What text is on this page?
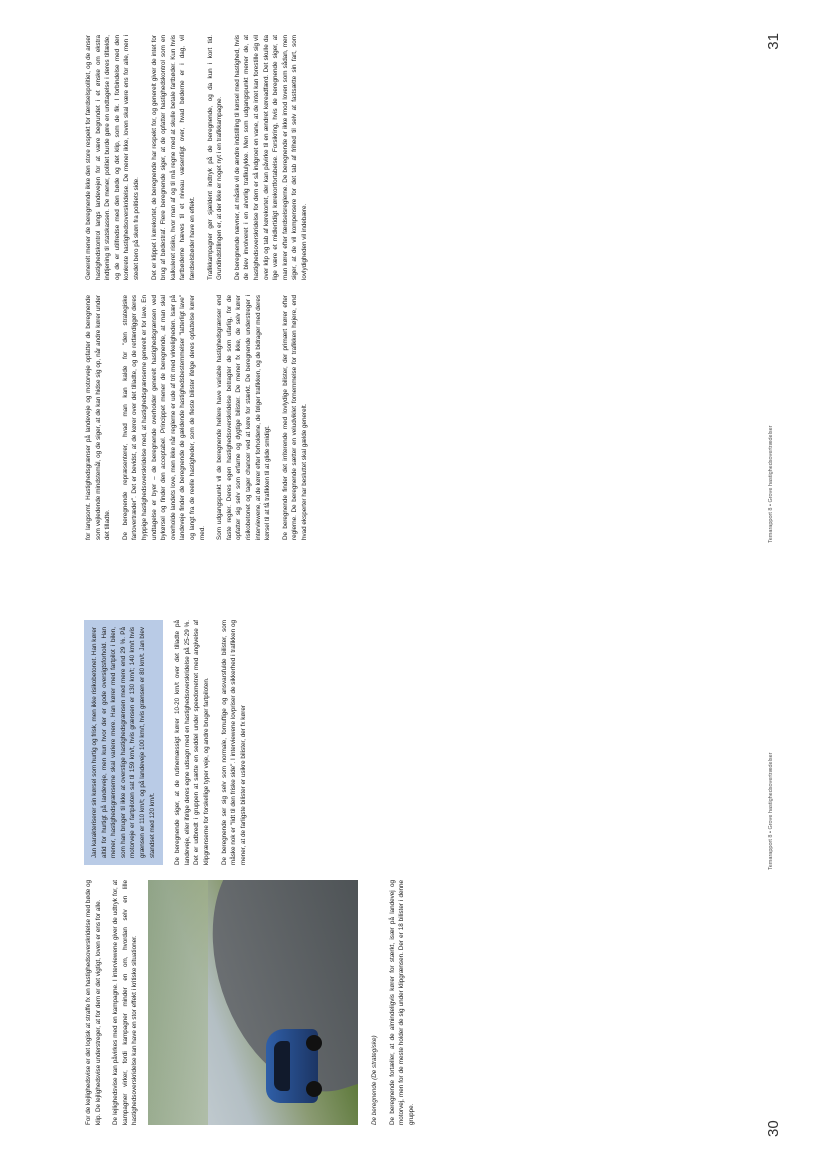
For de kejlighedsvise er det logisk at straffe fx en hastighedsoverskridelse med bøde og klip. De lejlighedsvise understreger, at for dem er det vigtigt, loven er ens for alle. De lejlighedsvise kan påvirkes med en kampagne. I interviewene giver de udtryk for, at kampagner virker, fordi kampagner minder en om, hvordan selv en lille hastighedsoverskridelse kan have en stor effekt i kritiske situationer.	De beregnende (De strategiske) De beregnende fortæller, at de almindeligvis kører for stærkt, især på landevej og motorvej, men for de meste holder de sig under klipgrænsen. Der er 18 bilister i denne gruppe.

Jan karakteriserer sin kørsel som hurtig og frisk, men ikke risikobetonet. Han kører altid for hurtigt på landeveje, men kun hvor der er gode oversigtsforhold. Han mener, hastighedsgrænserne skal variere mere. Han kører med fartpilot i bilen, som han bruger til ikke at overstige hastighedsgrænsen med mere end 29 %. På motorveje er fartpiloten sat til 159 km/t, hvis grænsen er 130 km/t; 140 km/t hvis grænsen er 110 km/t; og på landeveje 100 km/t, hvis grænsen er 80 km/t. Jan blev standset med 120 km/t.	De beregnende siger, at de rutinemæssigt kører 10-20 km/t over det tilladte på landeveje, eller ifølge deres egne udsagn med en hastighedsoverskridelse på 25-29 %. Det er udbredt i gruppen at sætte en seddel under speedometret med angivelse af klipgrænserne for forskellige typer veje, og andre bruger fartpiloten. De beregnende ser sig selv som normale, fornuftige og ansvarsfulde bilister, som måske nok er "lidt til den friske side". I interviewene lovpriser de sikkerhed i trafikken og mener, at de farligste bilister er usikre bilister, der fx kører	Temarapport 8 • Grove hastighedsovertrædelser
30

for langsomt. Hastighedsgrænser på landeveje og motorveje opfatter de beregnende som vejledende mindstemål, og de siger, at de kan hidse sig op, når andre kører under det tilladte. De beregnende repræsenterer, hvad man kan kalde for "den strategiske fartovertræder". Det er bevidst, at de kører over det tilladte, og de retfærdiggør deres hyppige hastighedsoverskridelse med, at hastighedsgrænserne generelt er for lave. En undtagelse er byer – de beregnende overholder generelt hastighedsgrænsen ved bykørsel og finder den acceptabel. Princippet mener de beregnende, at man skal overholde landets love, men ikke når reglerne er ude af trit med virkeligheden. Især på landeveje finder de beregnende de gældende hastighedsbestemmelser "latterligt lave" og langt fra de reelle hastigheder, som de fleste bilister ifølge deres opfattelse kører med. Som udgangspunkt vil de beregnende hellere have variable hastighedsgrænser end faste regler. Deres egen hastighedsoverskridelse betragter de som ufarlig, for de opfatter sig selv som erfarne og dygtige bilister. De mener fx ikke, de selv kører risikobetonet og tager chancer ved at køre for stærkt. De beregnende understreger i interviewene, at de kører efter forholdene, de følger trafikken, og de bidrager med deres kørsel til at få trafikken til at glide smidigt. De beregnende finder det irriterende med lovlydige bilister, der primært kører efter reglerne. De beregnende sætter en veludviklet fornemmelse for trafikken højere, end hvad eksperter har besluttet skal gælde generelt.

Generelt mener de beregnende ikke den store respekt for færdselspolitiet, og de anser hastighedskontrol langs landevejen for at være begrundet i et ønske om ekstra indtjening til statskassen. De mener, politiet burde gøre en undtagelse i deres tilfælde, og de er utilfredse med den bøde og det klip, som de fik. I forbindelse med den konkrete hastighedsoverskridelse. De mener ikke, loven skal være ens for alle, men i stedet bero på skøn fra politiets side. Det er klippet i kørekortet, de beregnende har respekt for, og generelt giver de intet for brug af bødestraf. Flere beregnende siger, at de opfatter hastighedskontrol som en kalkuleret risiko, hvor man af og til må regne med at skulle betale fartbøder. Kun hvis fartbøderne hæves til et niveau væsentligt over, hvad bøderne er i dag, vil færdselsbøder have en effekt. Trafikkampagner gør sjældent indtryk på de beregnende, og da kun i kort tid. Grundindstillingen er, at der ikke er noget nyt i en trafikkampagne. De beregnende nævner, at måske vil de ændre indstilling til kørsel med hastighed, hvis de blev involveret i en alvorlig trafikulykke. Men som udgangspunkt mener de, at hastighedsoverskridelse for dem er så indgroet en vane, at de intet kan forestille sig vil over klip og tab af kørekortet, der kan påvirke til en ændret køreadfærd. Det skulle da lige være et midlertidigt kørekortfortabelse. Forsikring, hvis de beregnende siger, at man kører efter færdselsreglerne. De beregnende er ikke imod loven som sådan, men siger, at de vil kompensere for det tab af frihed til selv at fastsætte sin fart, som lovlydigheden vil indebære.

Temarapport 8 • Grove hastighedsovertrædelser
31
